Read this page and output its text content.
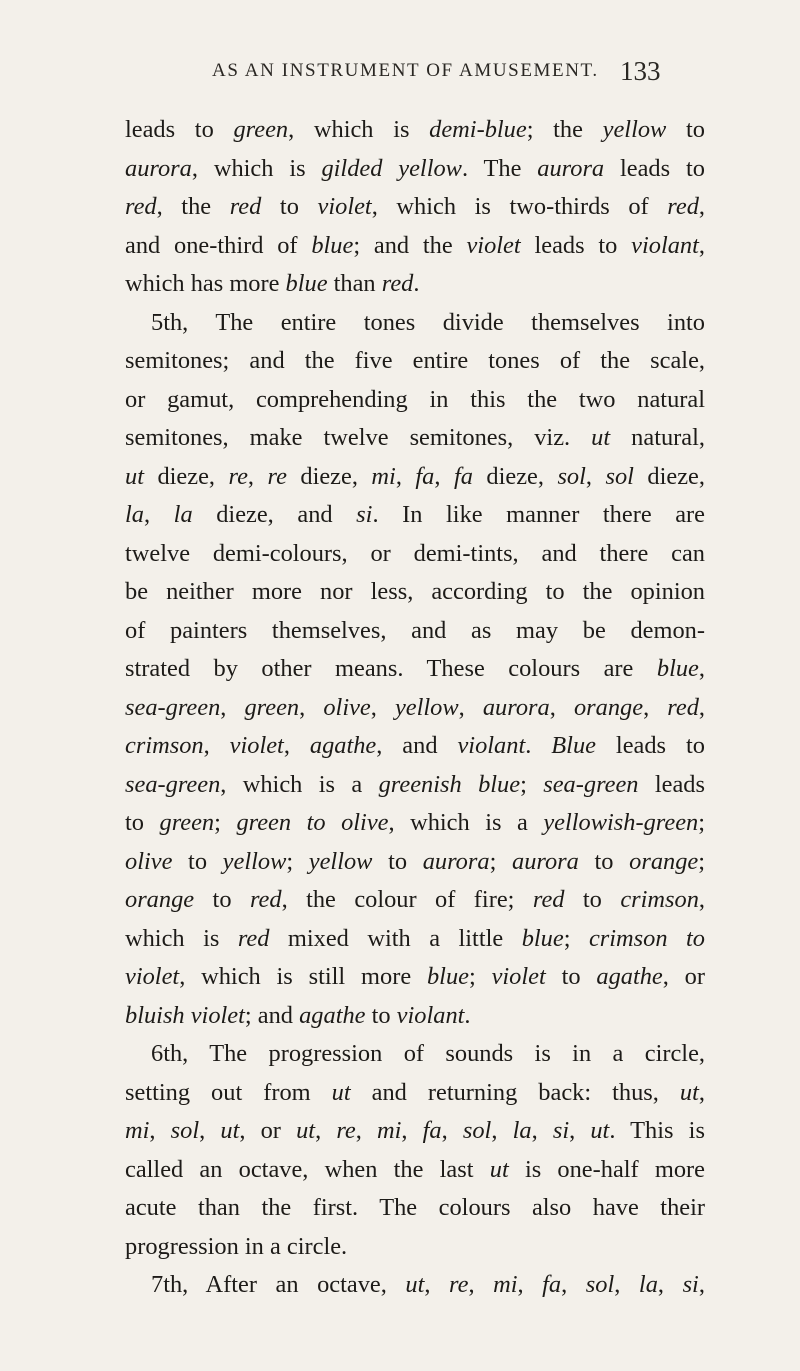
AS AN INSTRUMENT OF AMUSEMENT. 133
leads to green, which is demi-blue; the yellow to
aurora, which is gilded yellow. The aurora leads to
red, the red to violet, which is two-thirds of red,
and one-third of blue; and the violet leads to violant,
which has more blue than red.
5th, The entire tones divide themselves into
semitones; and the five entire tones of the scale,
or gamut, comprehending in this the two natural
semitones, make twelve semitones, viz. ut natural,
ut dieze, re, re dieze, mi, fa, fa dieze, sol, sol dieze,
la, la dieze, and si. In like manner there are
twelve demi-colours, or demi-tints, and there can
be neither more nor less, according to the opinion
of painters themselves, and as may be demon-
strated by other means. These colours are blue,
sea-green, green, olive, yellow, aurora, orange, red,
crimson, violet, agathe, and violant. Blue leads to
sea-green, which is a greenish blue; sea-green leads
to green; green to olive, which is a yellowish-green;
olive to yellow; yellow to aurora; aurora to orange;
orange to red, the colour of fire; red to crimson,
which is red mixed with a little blue; crimson to
violet, which is still more blue; violet to agathe, or
bluish violet; and agathe to violant.
6th, The progression of sounds is in a circle,
setting out from ut and returning back: thus, ut,
mi, sol, ut, or ut, re, mi, fa, sol, la, si, ut. This is
called an octave, when the last ut is one-half more
acute than the first. The colours also have their
progression in a circle.
7th, After an octave, ut, re, mi, fa, sol, la, si,
